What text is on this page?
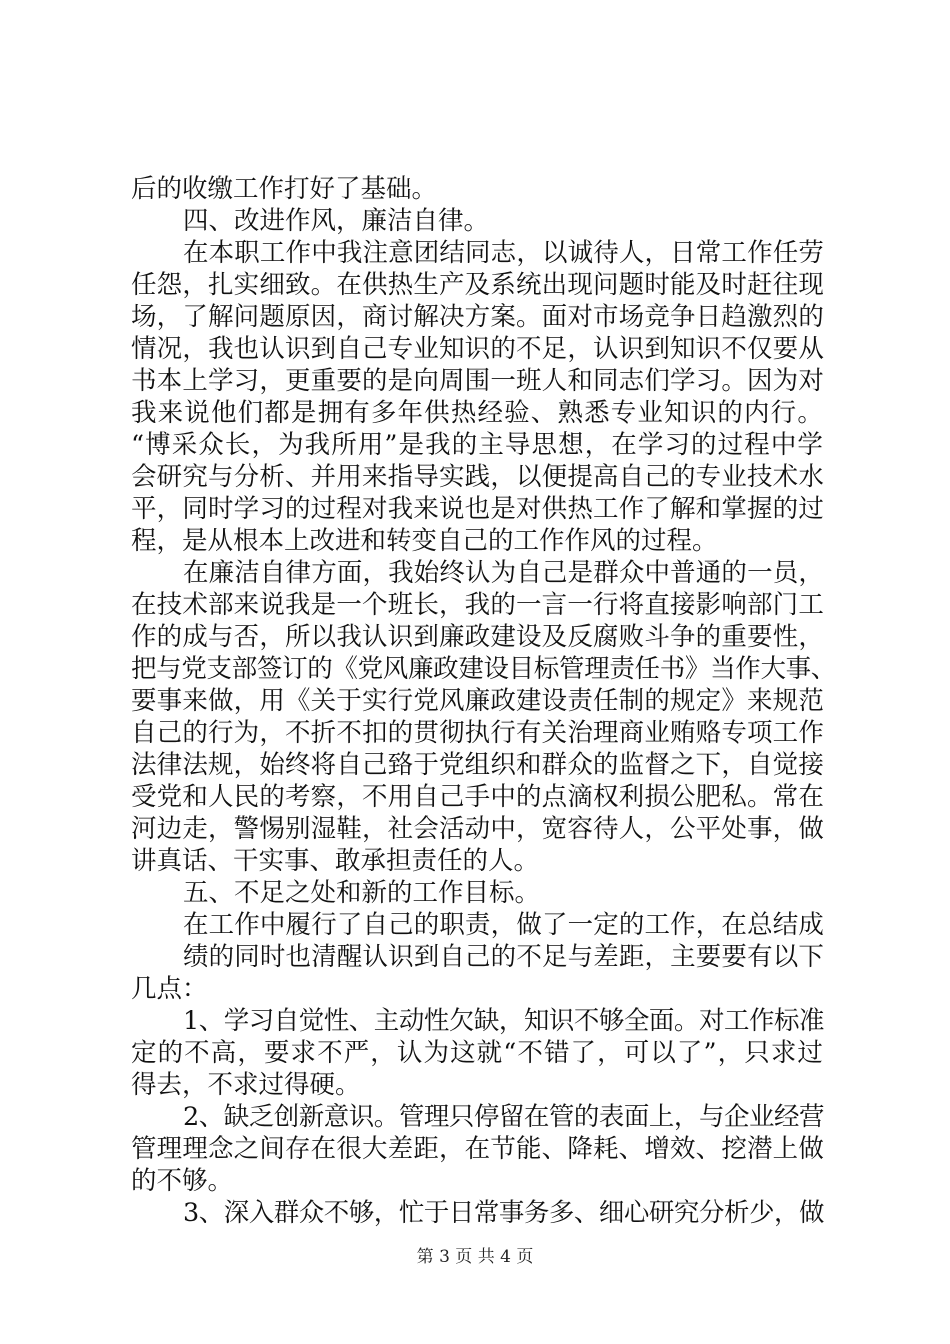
后的收缴工作打好了基础。
四、改进作风，廉洁自律。
在本职工作中我注意团结同志，以诚待人，日常工作任劳
任怨，扎实细致。在供热生产及系统出现问题时能及时赶往现
场，了解问题原因，商讨解决方案。面对市场竞争日趋激烈的
情况，我也认识到自己专业知识的不足，认识到知识不仅要从
书本上学习，更重要的是向周围一班人和同志们学习。因为对
我来说他们都是拥有多年供热经验、熟悉专业知识的内行。
“博采众长，为我所用”是我的主导思想，在学习的过程中学
会研究与分析、并用来指导实践，以便提高自己的专业技术水
平，同时学习的过程对我来说也是对供热工作了解和掌握的过
程，是从根本上改进和转变自己的工作作风的过程。
在廉洁自律方面，我始终认为自己是群众中普通的一员，
在技术部来说我是一个班长，我的一言一行将直接影响部门工
作的成与否，所以我认识到廉政建设及反腐败斗争的重要性，
把与党支部签订的《党风廉政建设目标管理责任书》当作大事、
要事来做，用《关于实行党风廉政建设责任制的规定》来规范
自己的行为，不折不扣的贯彻执行有关治理商业贿赂专项工作
法律法规，始终将自己臵于党组织和群众的监督之下，自觉接
受党和人民的考察，不用自己手中的点滴权利损公肥私。常在
河边走，警惕别湿鞋，社会活动中，宽容待人，公平处事，做
讲真话、干实事、敢承担责任的人。
五、不足之处和新的工作目标。
在工作中履行了自己的职责，做了一定的工作，在总结成
绩的同时也清醒认识到自己的不足与差距，主要要有以下
几点：
1、学习自觉性、主动性欠缺，知识不够全面。对工作标准
定的不高，要求不严，认为这就“不错了，可以了”，只求过
得去，不求过得硬。
2、缺乏创新意识。管理只停留在管的表面上，与企业经营
管理理念之间存在很大差距，在节能、降耗、增效、挖潜上做
的不够。
3、深入群众不够，忙于日常事务多、细心研究分析少，做
第 3 页 共 4 页
